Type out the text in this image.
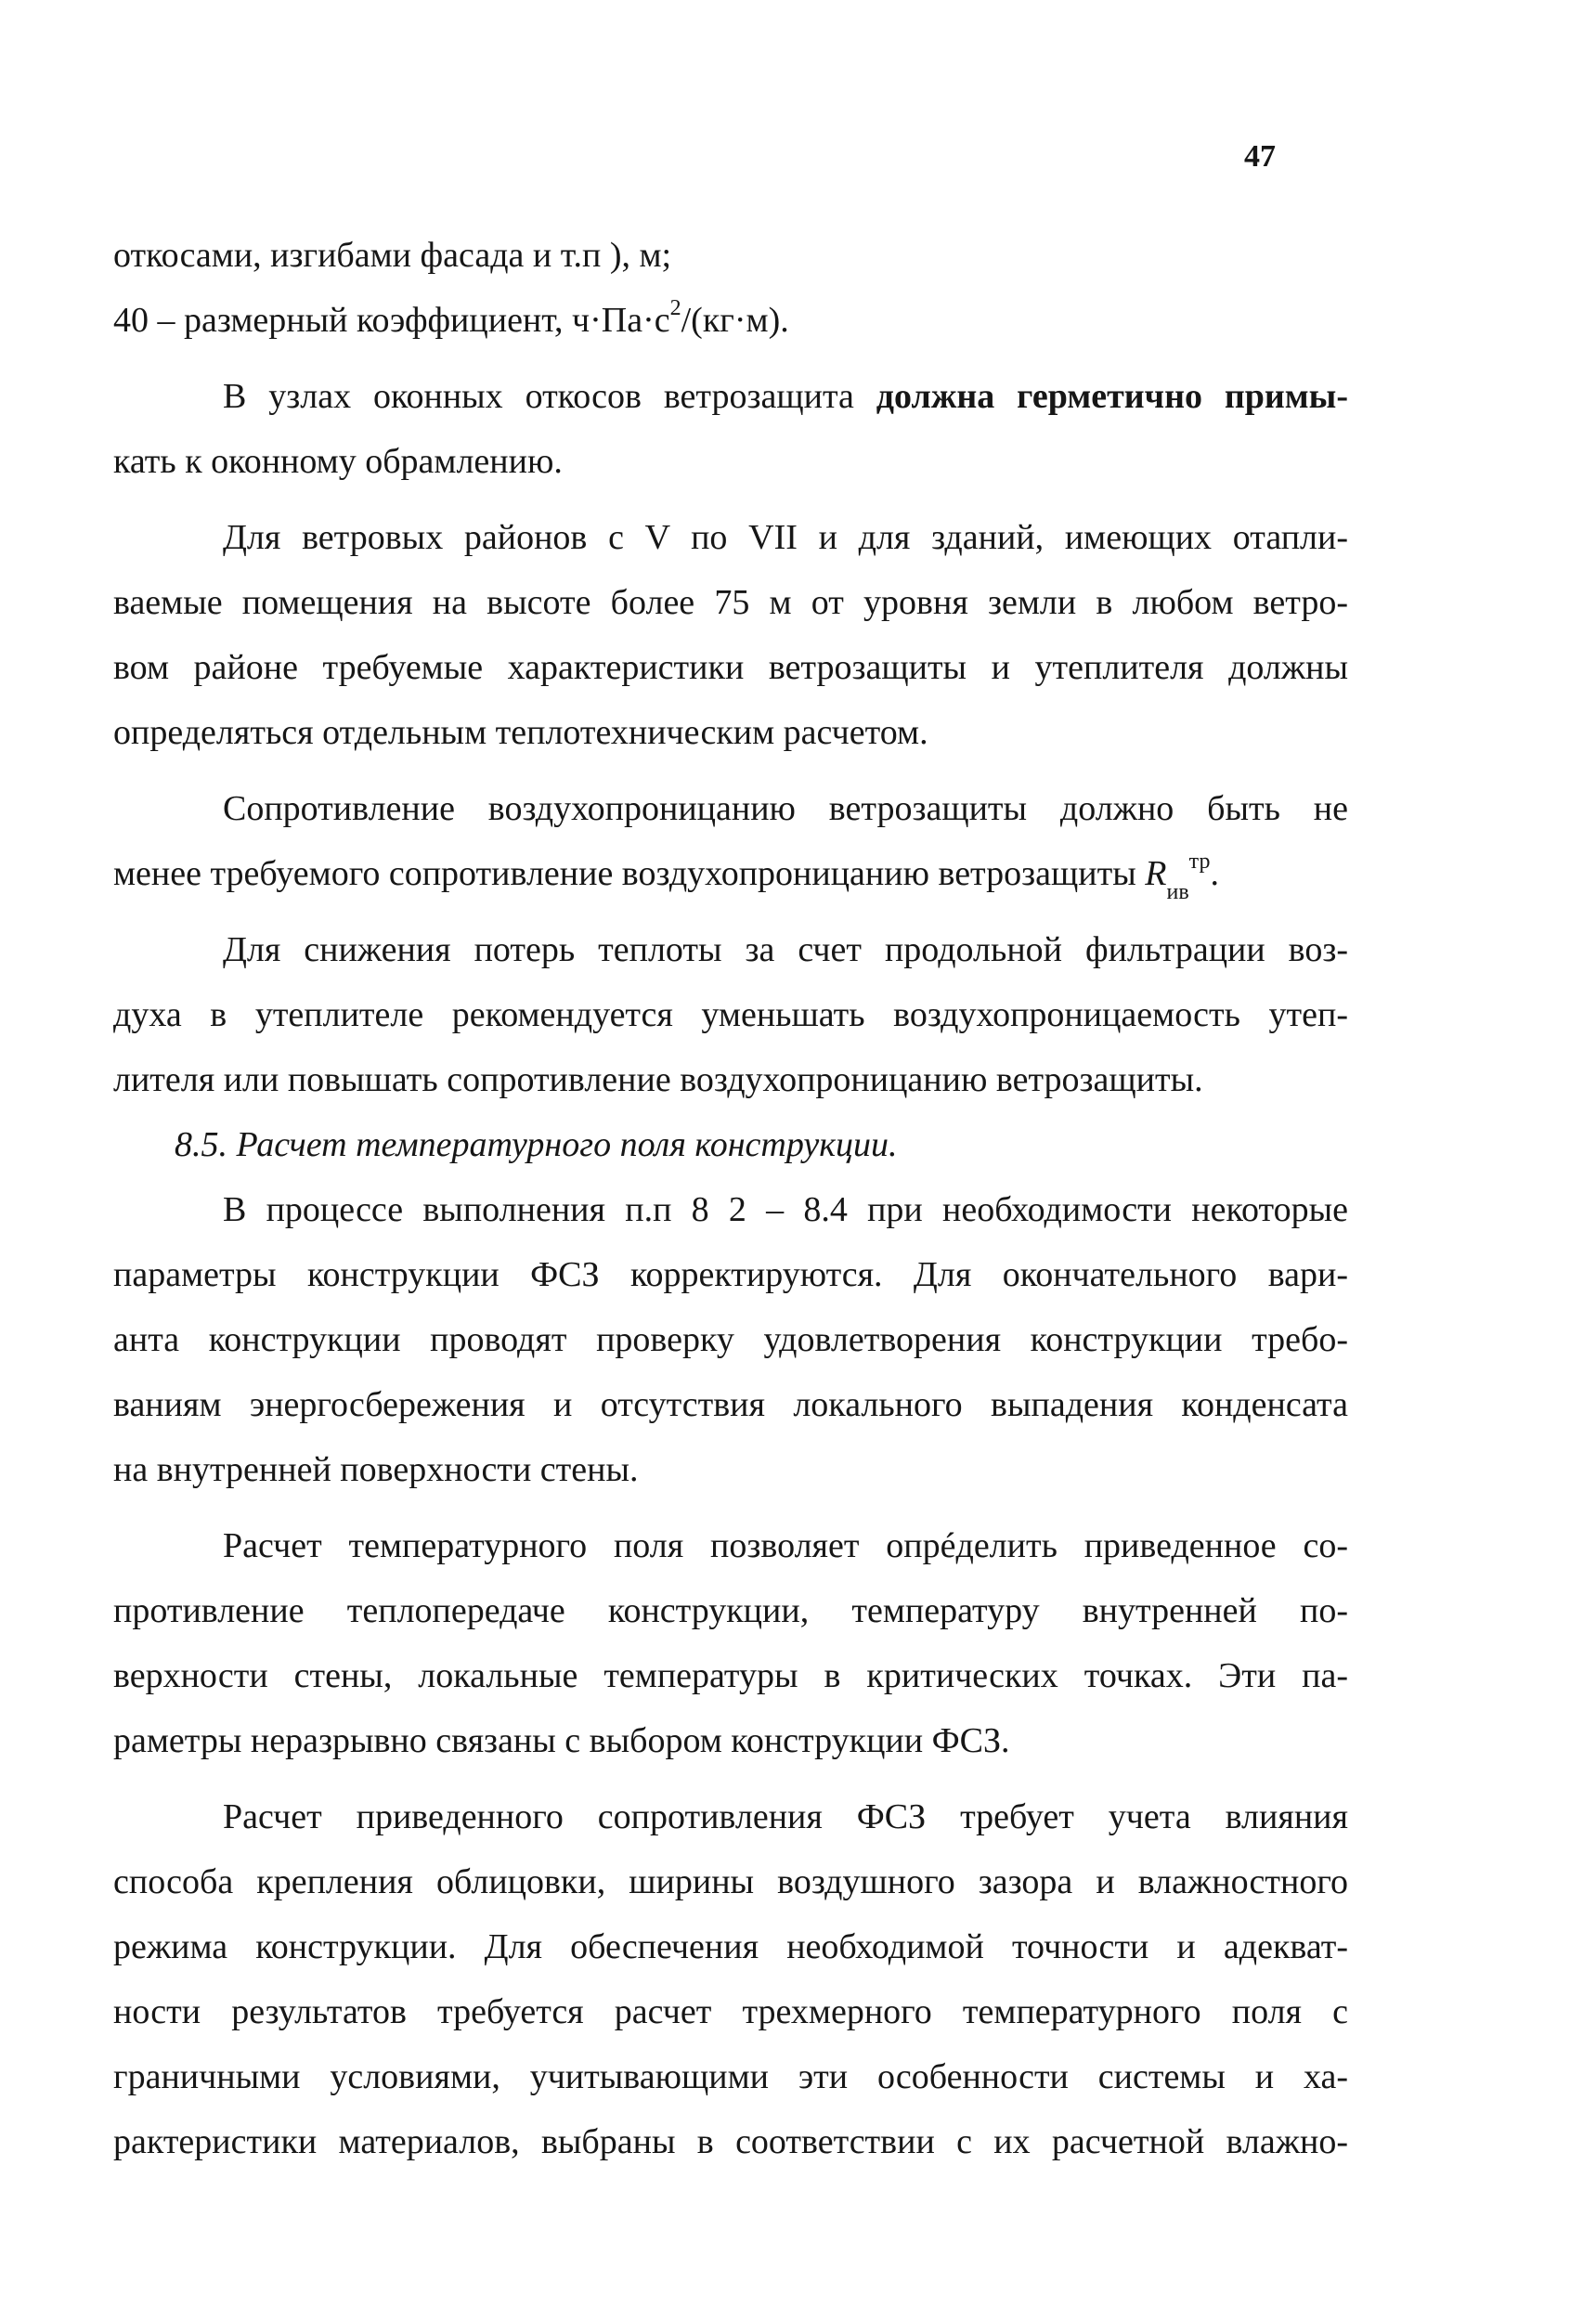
47
откосами, изгибами фасада и т.п ), м;
40 – размерный коэффициент, $ч\cdot Па\cdot с^2/(кг\cdot м)$.
В узлах оконных откосов ветрозащита должна герметично примы-
кать к оконному обрамлению.
Для ветровых районов с V по VII и для зданий, имеющих отапли-
ваемые помещения на высоте более 75 м от уровня земли в любом ветро-
вом районе требуемые характеристики ветрозащиты и утеплителя должны
определяться отдельным теплотехническим расчетом.
Сопротивление воздухопроницанию ветрозащиты должно быть не
менее требуемого сопротивление воздухопроницанию ветрозащиты $R_{ив}^{тр}$.
Для снижения потерь теплоты за счет продольной фильтрации воз-
духа в утеплителе рекомендуется уменьшать воздухопроницаемость утеп-
лителя или повышать сопротивление воздухопроницанию ветрозащиты.
8.5. Расчет температурного поля конструкции.
В процессе выполнения п.п 8 2 – 8.4 при необходимости некоторые
параметры конструкции ФСЗ корректируются. Для окончательного вари-
анта конструкции проводят проверку удовлетворения конструкции требо-
ваниям энергосбережения и отсутствия локального выпадения конденсата
на внутренней поверхности стены.
Расчет температурного поля позволяет опрéделить приведенное со-
противление теплопередаче конструкции, температуру внутренней по-
верхности стены, локальные температуры в критических точках. Эти па-
раметры неразрывно связаны с выбором конструкции ФСЗ.
Расчет приведенного сопротивления ФСЗ требует учета влияния
способа крепления облицовки, ширины воздушного зазора и влажностного
режима конструкции. Для обеспечения необходимой точности и адекват-
ности результатов требуется расчет трехмерного температурного поля с
граничными условиями, учитывающими эти особенности системы и ха-
рактеристики материалов, выбраны в соответствии с их расчетной влажно-
